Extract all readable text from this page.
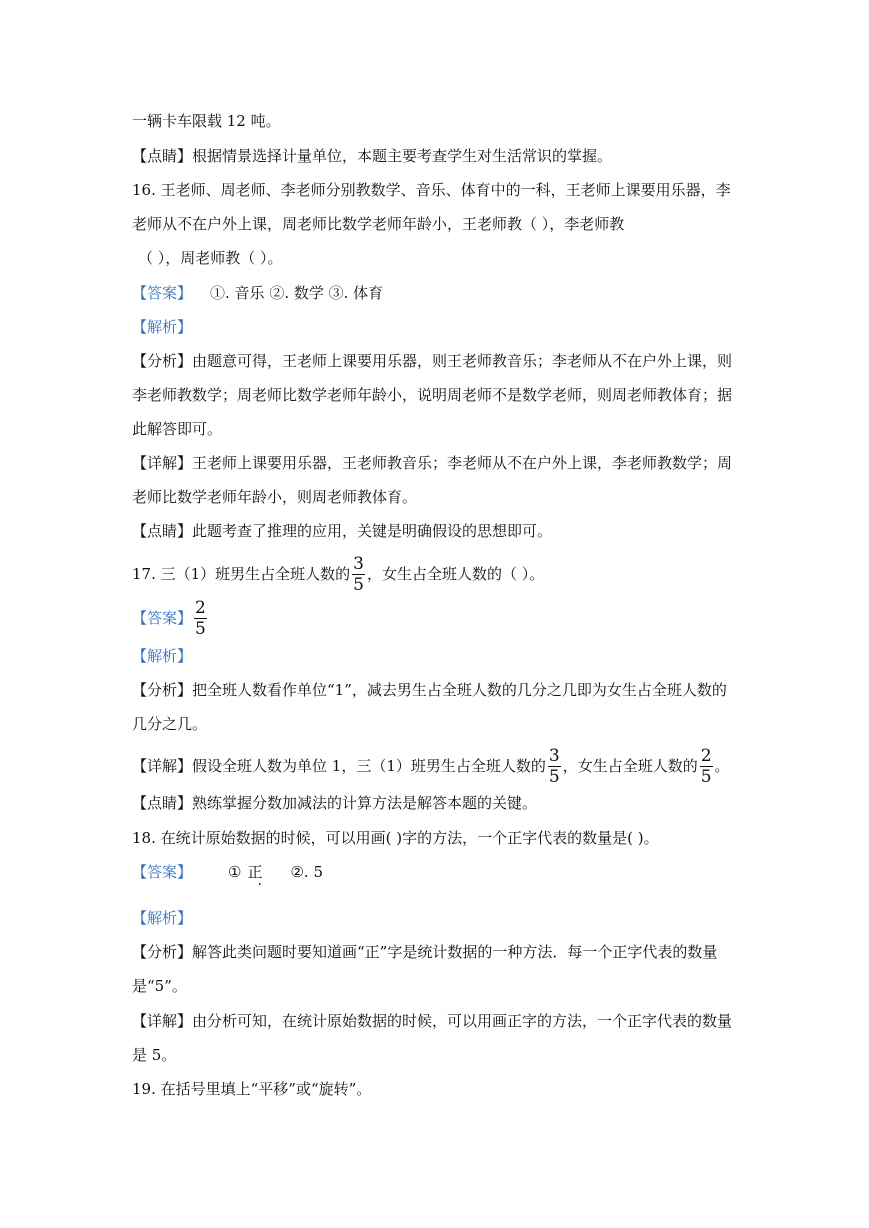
一辆卡车限载 12 吨。
【点睛】根据情景选择计量单位，本题主要考查学生对生活常识的掌握。
16. 王老师、周老师、李老师分别教数学、音乐、体育中的一科，王老师上课要用乐器，李
老师从不在户外上课，周老师比数学老师年龄小，王老师教（ ），李老师教
（ ），周老师教（ ）。
【答案】 ①. 音乐 ②. 数学 ③. 体育
【解析】
【分析】由题意可得，王老师上课要用乐器，则王老师教音乐；李老师从不在户外上课，则
李老师教数学；周老师比数学老师年龄小，说明周老师不是数学老师，则周老师教体育；据
此解答即可。
【详解】王老师上课要用乐器，王老师教音乐；李老师从不在户外上课，李老师教数学；周
老师比数学老师年龄小，则周老师教体育。
【点睛】此题考查了推理的应用，关键是明确假设的思想即可。
17. 三（1）班男生占全班人数的 $\frac{3}{5}$ ，女生占全班人数的（ ）。
【答案】 $\frac{2}{5}$
【解析】
【分析】把全班人数看作单位“1”，减去男生占全班人数的几分之几即为女生占全班人数的
几分之几。
【详解】假设全班人数为单位 1，三（1）班男生占全班人数的 $\frac{3}{5}$ ，女生占全班人数的 $\frac{2}{5}$ 。
【点睛】熟练掌握分数加减法的计算方法是解答本题的关键。
18. 在统计原始数据的时候，可以用画( )字的方法，一个正字代表的数量是( )。
【答案】 ① 正 ②. 5
【解析】
【分析】解答此类问题时要知道画“正”字是统计数据的一种方法．每一个正字代表的数量
是“5”。
【详解】由分析可知，在统计原始数据的时候，可以用画正字的方法，一个正字代表的数量
是 5。
19. 在括号里填上“平移”或“旋转”。
